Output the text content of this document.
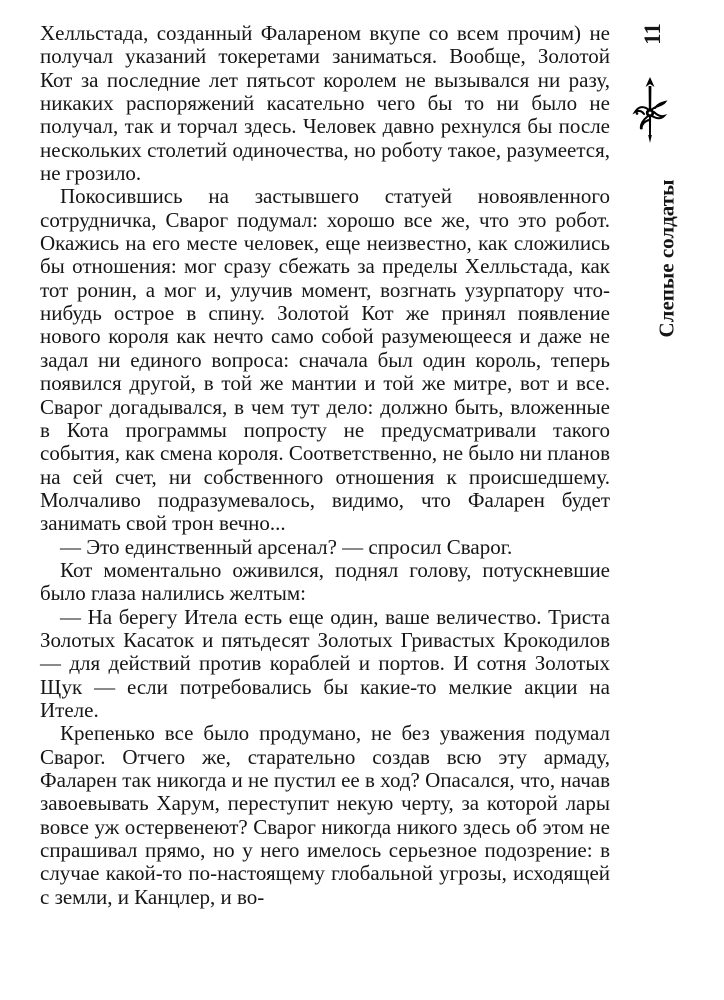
Хелльстада, созданный Фалареном вкупе со всем прочим) не получал указаний токеретами заниматься. Вообще, Золотой Кот за последние лет пятьсот королем не вызывался ни разу, никаких распоряжений касательно чего бы то ни было не получал, так и торчал здесь. Человек давно рехнулся бы после нескольких столетий одиночества, но роботу такое, разумеется, не грозило.

Покосившись на застывшего статуей новоявленного сотрудничка, Сварог подумал: хорошо все же, что это робот. Окажись на его месте человек, еще неизвестно, как сложились бы отношения: мог сразу сбежать за пределы Хелльстада, как тот ронин, а мог и, улучив момент, возгнать узурпатору что-нибудь острое в спину. Золотой Кот же принял появление нового короля как нечто само собой разумеющееся и даже не задал ни единого вопроса: сначала был один король, теперь появился другой, в той же мантии и той же митре, вот и все. Сварог догадывался, в чем тут дело: должно быть, вложенные в Кота программы попросту не предусматривали такого события, как смена короля. Соответственно, не было ни планов на сей счет, ни собственного отношения к происшедшему. Молчаливо подразумевалось, видимо, что Фаларен будет занимать свой трон вечно...

— Это единственный арсенал? — спросил Сварог.

Кот моментально оживился, поднял голову, потускневшие было глаза налились желтым:

— На берегу Итела есть еще один, ваше величество. Триста Золотых Касаток и пятьдесят Золотых Гривастых Крокодилов — для действий против кораблей и портов. И сотня Золотых Щук — если потребовались бы какие-то мелкие акции на Ителе.

Крепенько все было продумано, не без уважения подумал Сварог. Отчего же, старательно создав всю эту армаду, Фаларен так никогда и не пустил ее в ход? Опасался, что, начав завоевывать Харум, переступит некую черту, за которой лары вовсе уж остервенеют? Сварог никогда никого здесь об этом не спрашивал прямо, но у него имелось серьезное подозрение: в случае какой-то по-настоящему глобальной угрозы, исходящей с земли, и Канцлер, и во-

11
Слепые солдаты
